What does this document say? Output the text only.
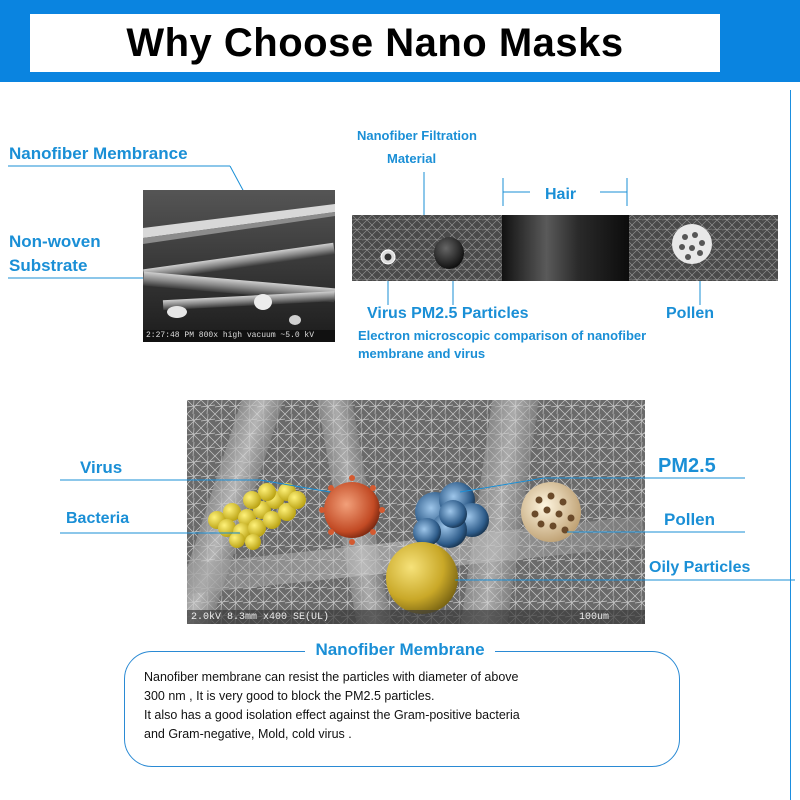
Why Choose Nano Masks
Nanofiber Membrance
Non-woven
Substrate
2:27:48 PM 800x high vacuum ~5.0 kV
Nanofiber Filtration
Material
Hair
Virus PM2.5 Particles	Pollen
Electron microscopic comparison of nanofiber
membrane and virus
2.0kV 8.3mm x400 SE(UL)	100um
Virus
Bacteria
PM2.5
Pollen
Oily Particles
Nanofiber Membrane
Nanofiber membrane can resist the particles with diameter of above
300 nm , It is very good to block the PM2.5 particles.
It also has a good isolation effect against the Gram-positive bacteria
and Gram-negative, Mold, cold virus .
